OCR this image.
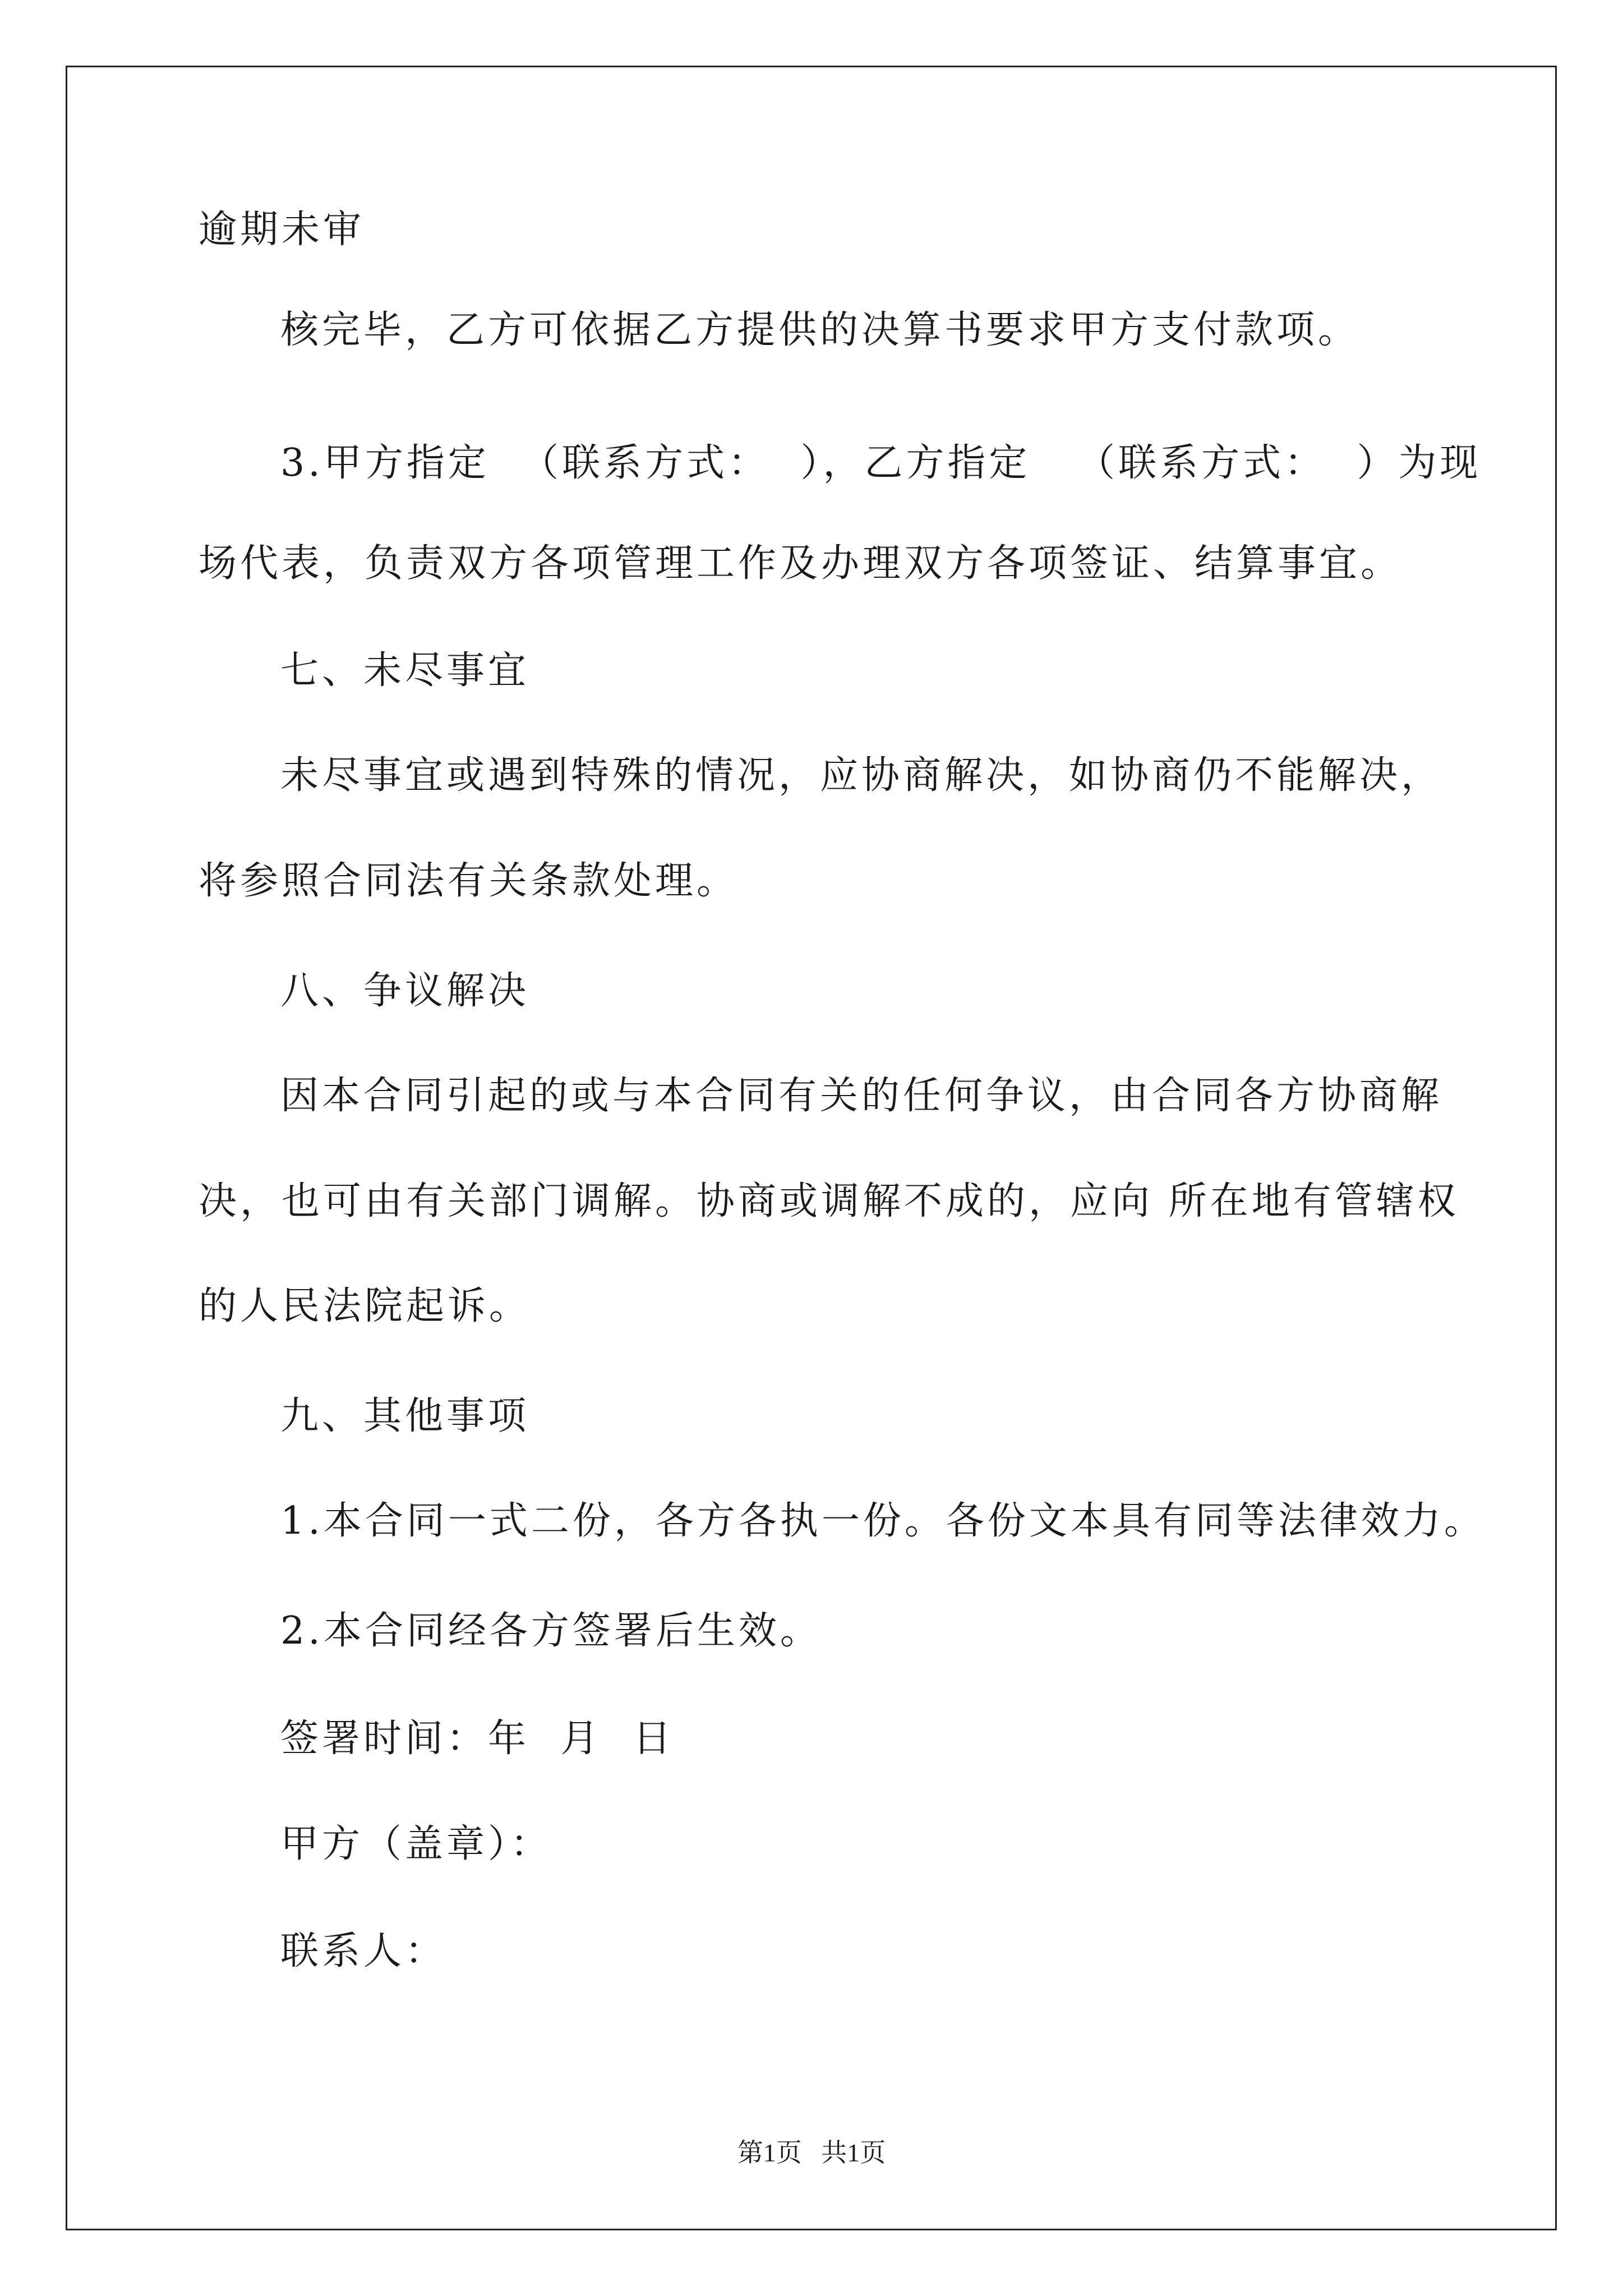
逾期未审
核完毕，乙方可依据乙方提供的决算书要求甲方支付款项。
3.甲方指定  （联系方式：  ），乙方指定   （联系方式：  ）为现
场代表，负责双方各项管理工作及办理双方各项签证、结算事宜。
七、未尽事宜
未尽事宜或遇到特殊的情况，应协商解决，如协商仍不能解决，
将参照合同法有关条款处理。
八、争议解决
因本合同引起的或与本合同有关的任何争议，由合同各方协商解
决，也可由有关部门调解。协商或调解不成的，应向 所在地有管辖权
的人民法院起诉。
九、其他事项
1.本合同一式二份，各方各执一份。各份文本具有同等法律效力。
2.本合同经各方签署后生效。
签署时间：年  月  日
甲方（盖章）：
联系人：
第1页   共1页
